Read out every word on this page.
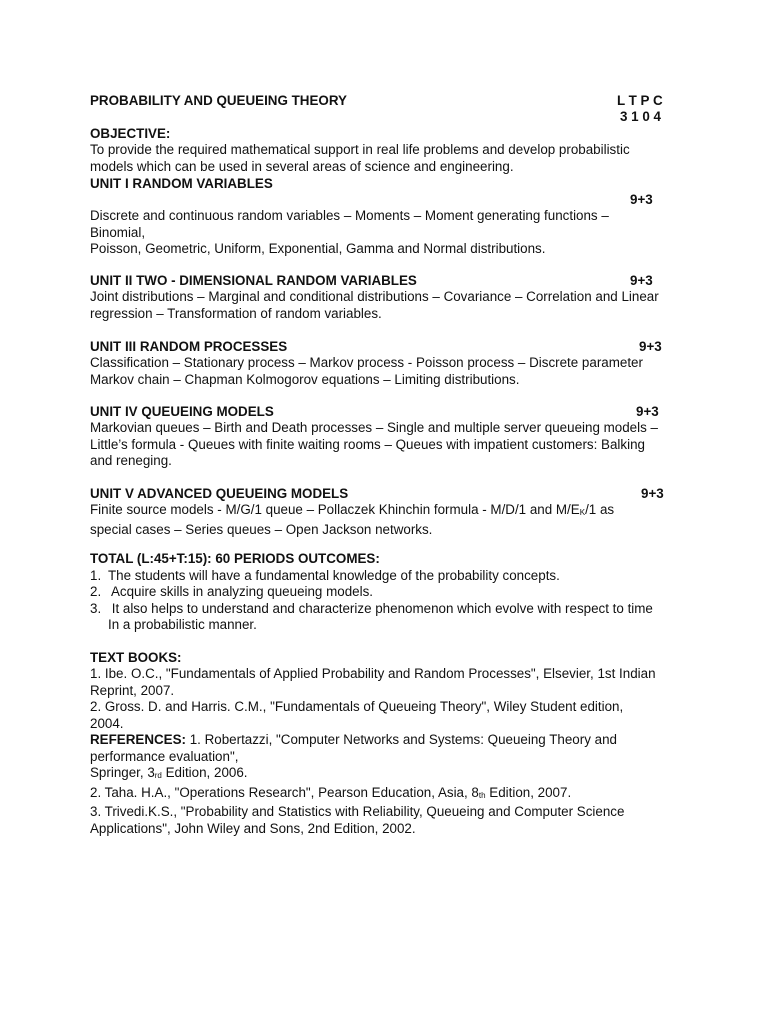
PROBABILITY AND QUEUEING THEORY	L T P C
3 1 0 4
OBJECTIVE:
To provide the required mathematical support in real life problems and develop probabilistic
models which can be used in several areas of science and engineering.
UNIT I RANDOM VARIABLES
9+3
Discrete and continuous random variables – Moments – Moment generating functions –
Binomial,
Poisson, Geometric, Uniform, Exponential, Gamma and Normal distributions.
UNIT II TWO - DIMENSIONAL RANDOM VARIABLES	9+3
Joint distributions – Marginal and conditional distributions – Covariance – Correlation and Linear
regression – Transformation of random variables.
UNIT III RANDOM PROCESSES	9+3
Classification – Stationary process – Markov process - Poisson process – Discrete parameter
Markov chain – Chapman Kolmogorov equations – Limiting distributions.
UNIT IV QUEUEING MODELS	9+3
Markovian queues – Birth and Death processes – Single and multiple server queueing models –
Little’s formula - Queues with finite waiting rooms – Queues with impatient customers: Balking
and reneging.
UNIT V ADVANCED QUEUEING MODELS	9+3
Finite source models - M/G/1 queue – Pollaczek Khinchin formula - M/D/1 and M/EK/1 as
special cases – Series queues – Open Jackson networks.
TOTAL (L:45+T:15): 60 PERIODS OUTCOMES:
1. The students will have a fundamental knowledge of the probability concepts.
2. Acquire skills in analyzing queueing models.
3. It also helps to understand and characterize phenomenon which evolve with respect to time
In a probabilistic manner.
TEXT BOOKS:
1. Ibe. O.C., "Fundamentals of Applied Probability and Random Processes", Elsevier, 1st Indian
Reprint, 2007.
2. Gross. D. and Harris. C.M., "Fundamentals of Queueing Theory", Wiley Student edition,
2004.
REFERENCES: 1. Robertazzi, "Computer Networks and Systems: Queueing Theory and
performance evaluation",
Springer, 3rd Edition, 2006.
2. Taha. H.A., "Operations Research", Pearson Education, Asia, 8th Edition, 2007.
3. Trivedi.K.S., "Probability and Statistics with Reliability, Queueing and Computer Science
Applications", John Wiley and Sons, 2nd Edition, 2002.
